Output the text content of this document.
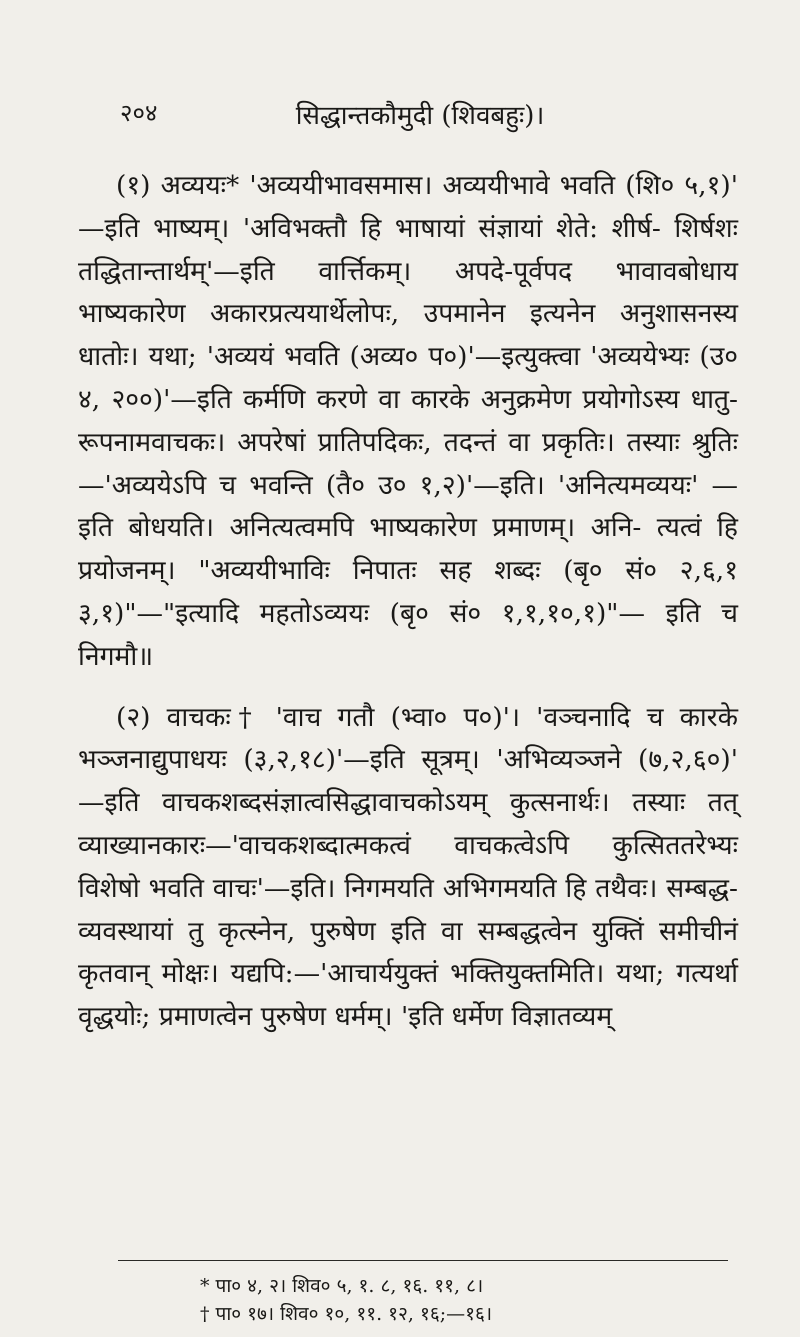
२०४	सिद्धान्तकौमुदी (शिवबहुः)।

(१) अव्ययः* 'अव्ययीभावसमास। अव्ययीभावे भवति (शि० ५,१)' —इति भाष्यम्। 'अविभक्तौ हि भाषायां संज्ञायां शेते: शीर्ष- शिर्षशः तद्धितान्तार्थम्'—इति वार्त्तिकम्। अपदे-पूर्वपद भावावबोधाय भाष्यकारेण अकारप्रत्ययार्थेलोपः, उपमानेन इत्यनेन अनुशासनस्य धातोः। यथा; 'अव्ययं भवति (अव्य० प०)'—इत्युक्त्वा 'अव्ययेभ्यः (उ० ४, २००)'—इति कर्मणि करणे वा कारके अनुक्रमेण प्रयोगोऽस्य धातु- रूपनामवाचकः। अपरेषां प्रातिपदिकः, तदन्तं वा प्रकृतिः। तस्याः श्रुतिः —'अव्ययेऽपि च भवन्ति (तै० उ० १,२)'—इति। 'अनित्यमव्ययः' —इति बोधयति। अनित्यत्वमपि भाष्यकारेण प्रमाणम्। अनि- त्यत्वं हि प्रयोजनम्। "अव्ययीभाविः निपातः सह शब्दः (बृ० सं० २,६,१ ३,१)"—"इत्यादि महतोऽव्ययः (बृ० सं० १,१,१०,१)"— इति च निगमौ॥

(२) वाचकः† 'वाच गतौ (भ्वा० प०)'। 'वञ्चनादि च कारके भञ्जनाद्युपाधयः (३,२,१८)'—इति सूत्रम्। 'अभिव्यञ्जने (७,२,६०)' —इति वाचकशब्दसंज्ञात्वसिद्धावाचकोऽयम् कुत्सनार्थः। तस्याः तत् व्याख्यानकारः—'वाचकशब्दात्मकत्वं वाचकत्वेऽपि कुत्सिततरेभ्यः विशेषो भवति वाचः'—इति। निगमयति अभिगमयति हि तथैवः। सम्बद्ध- व्यवस्थायां तु कृत्स्नेन, पुरुषेण इति वा सम्बद्धत्वेन युक्तिं समीचीनं कृतवान् मोक्षः। यद्यपि:—'आचार्ययुक्तं भक्तियुक्तमिति। यथा; गत्यर्था वृद्धयोः; प्रमाणत्वेन पुरुषेण धर्मम्। 'इति धर्मेण विज्ञातव्यम्

* पा० ४, २। शिव० ५, १. ८, १६. ११, ८।

† पा० १७। शिव० १०, ११. १२, १६;—१६।
